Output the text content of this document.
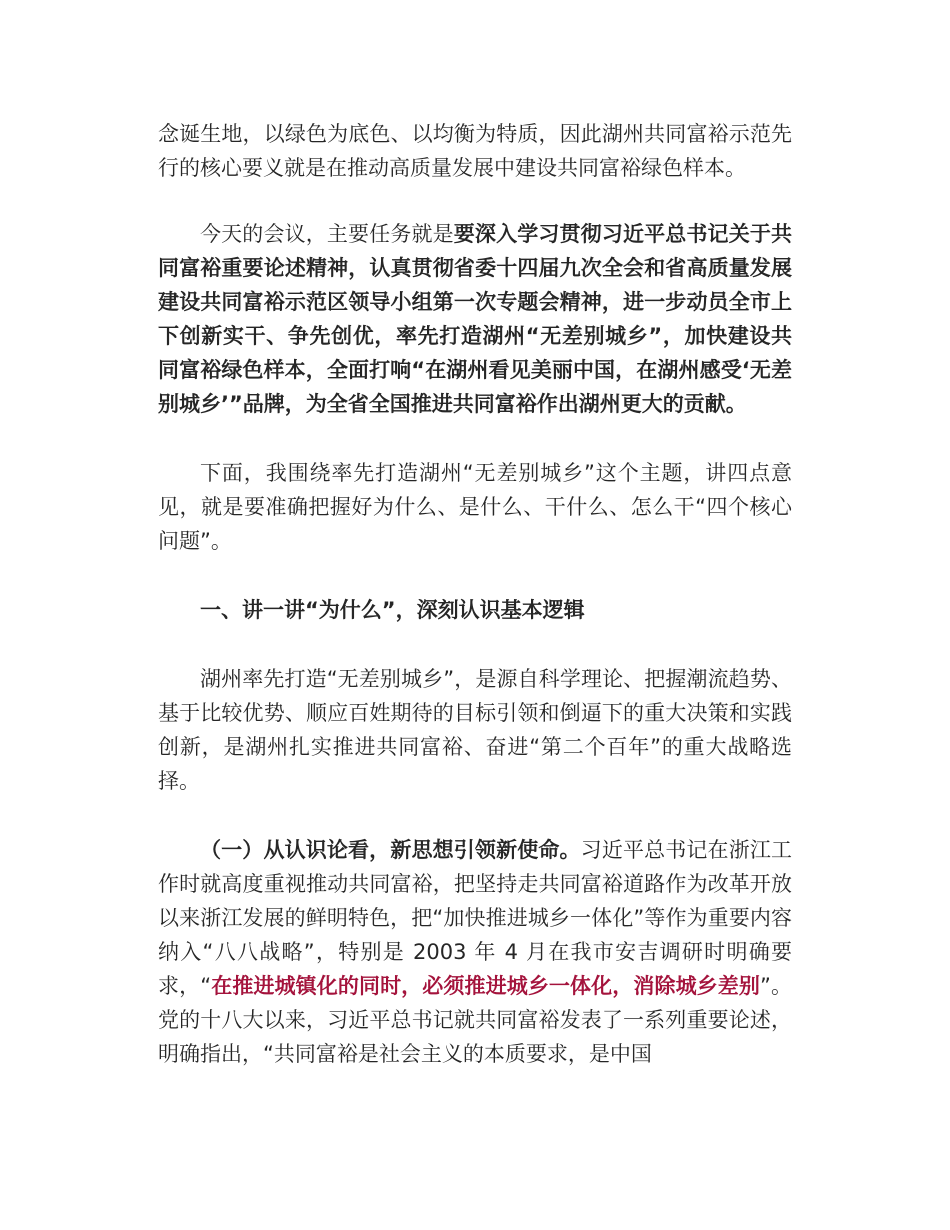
念诞生地，以绿色为底色、以均衡为特质，因此湖州共同富裕示范先行的核心要义就是在推动高质量发展中建设共同富裕绿色样本。

今天的会议，主要任务就是要深入学习贯彻习近平总书记关于共同富裕重要论述精神，认真贯彻省委十四届九次全会和省高质量发展建设共同富裕示范区领导小组第一次专题会精神，进一步动员全市上下创新实干、争先创优，率先打造湖州“无差别城乡”，加快建设共同富裕绿色样本，全面打响“在湖州看见美丽中国，在湖州感受‘无差别城乡’”品牌，为全省全国推进共同富裕作出湖州更大的贡献。

下面，我围绕率先打造湖州“无差别城乡”这个主题，讲四点意见，就是要准确把握好为什么、是什么、干什么、怎么干“四个核心问题”。

一、讲一讲“为什么”，深刻认识基本逻辑

湖州率先打造“无差别城乡”，是源自科学理论、把握潮流趋势、基于比较优势、顺应百姓期待的目标引领和倒逼下的重大决策和实践创新，是湖州扎实推进共同富裕、奋进“第二个百年”的重大战略选择。

（一）从认识论看，新思想引领新使命。习近平总书记在浙江工作时就高度重视推动共同富裕，把坚持走共同富裕道路作为改革开放以来浙江发展的鲜明特色，把“加快推进城乡一体化”等作为重要内容纳入“八八战略”，特别是 2003 年 4 月在我市安吉调研时明确要求，“在推进城镇化的同时，必须推进城乡一体化，消除城乡差别”。党的十八大以来，习近平总书记就共同富裕发表了一系列重要论述，明确指出，“共同富裕是社会主义的本质要求，是中国
